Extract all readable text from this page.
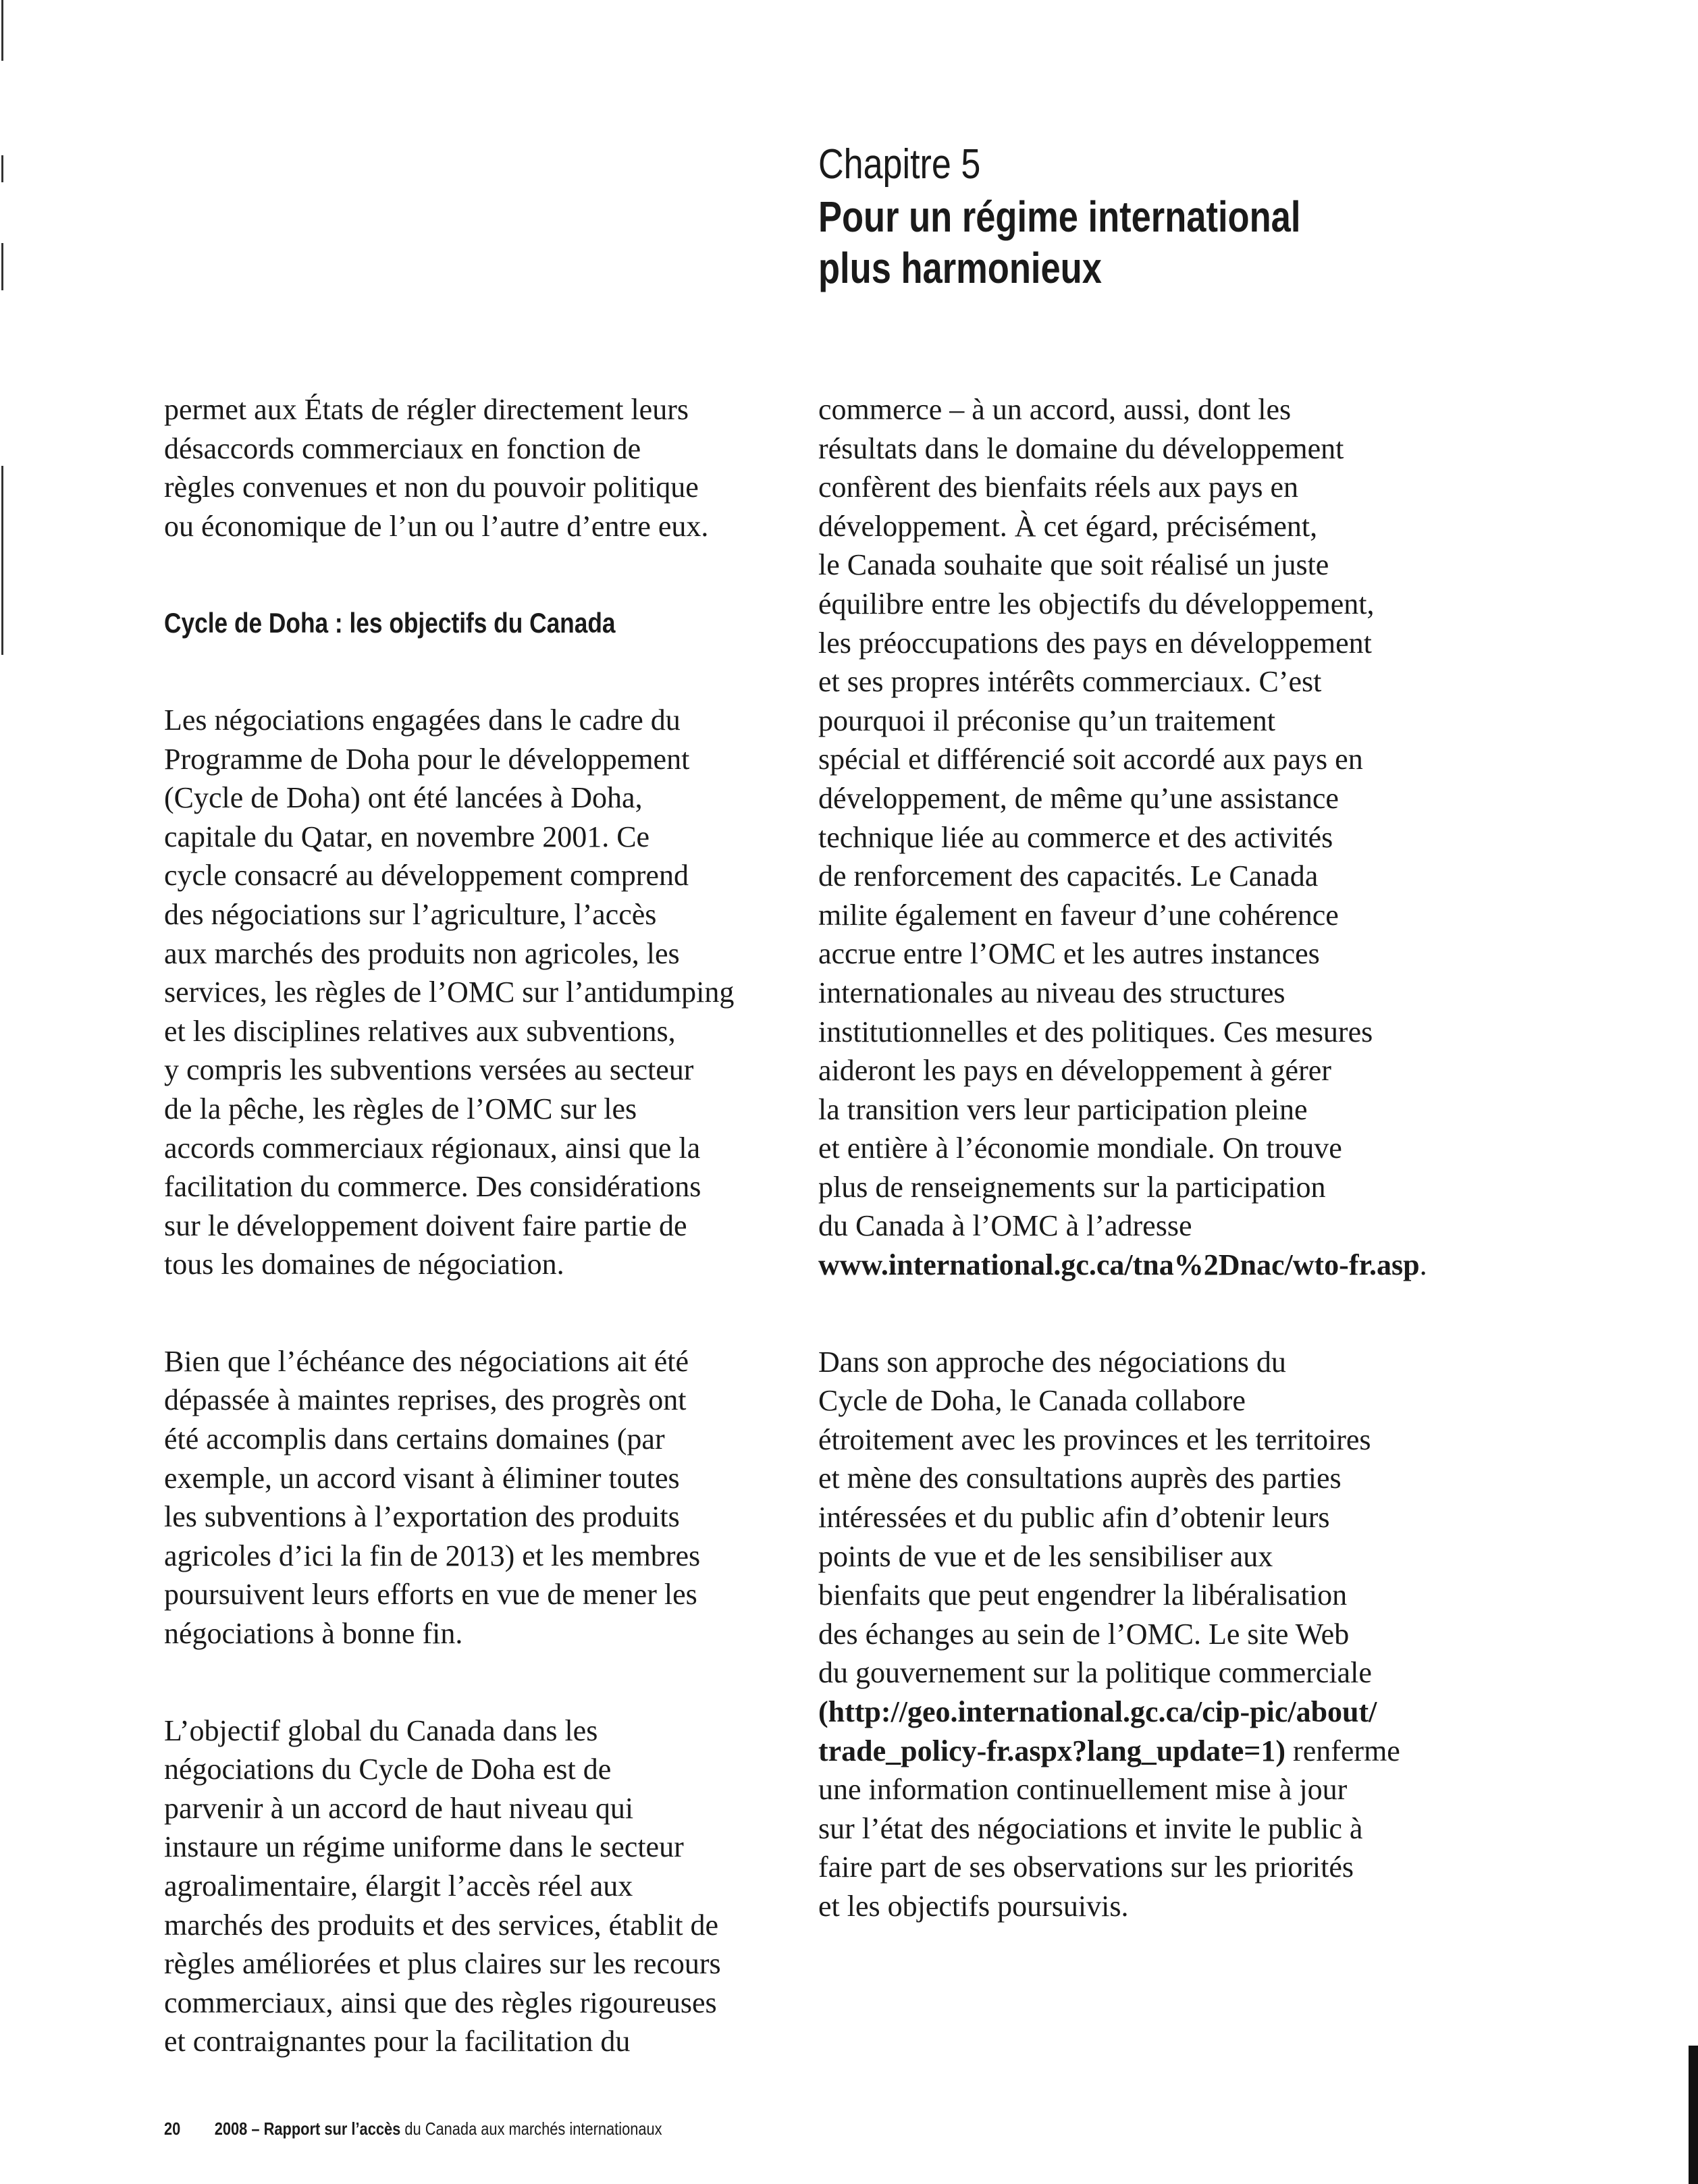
Chapitre 5
Pour un régime international
plus harmonieux

permet aux États de régler directement leurs
désaccords commerciaux en fonction de
règles convenues et non du pouvoir politique
ou économique de l’un ou l’autre d’entre eux.

Cycle de Doha : les objectifs du Canada

Les négociations engagées dans le cadre du
Programme de Doha pour le développement
(Cycle de Doha) ont été lancées à Doha,
capitale du Qatar, en novembre 2001. Ce
cycle consacré au développement comprend
des négociations sur l’agriculture, l’accès
aux marchés des produits non agricoles, les
services, les règles de l’OMC sur l’antidumping
et les disciplines relatives aux subventions,
y compris les subventions versées au secteur
de la pêche, les règles de l’OMC sur les
accords commerciaux régionaux, ainsi que la
facilitation du commerce. Des considérations
sur le développement doivent faire partie de
tous les domaines de négociation.

Bien que l’échéance des négociations ait été
dépassée à maintes reprises, des progrès ont
été accomplis dans certains domaines (par
exemple, un accord visant à éliminer toutes
les subventions à l’exportation des produits
agricoles d’ici la fin de 2013) et les membres
poursuivent leurs efforts en vue de mener les
négociations à bonne fin.

L’objectif global du Canada dans les
négociations du Cycle de Doha est de
parvenir à un accord de haut niveau qui
instaure un régime uniforme dans le secteur
agroalimentaire, élargit l’accès réel aux
marchés des produits et des services, établit de
règles améliorées et plus claires sur les recours
commerciaux, ainsi que des règles rigoureuses
et contraignantes pour la facilitation du

commerce – à un accord, aussi, dont les
résultats dans le domaine du développement
confèrent des bienfaits réels aux pays en
développement. À cet égard, précisément,
le Canada souhaite que soit réalisé un juste
équilibre entre les objectifs du développement,
les préoccupations des pays en développement
et ses propres intérêts commerciaux. C’est
pourquoi il préconise qu’un traitement
spécial et différencié soit accordé aux pays en
développement, de même qu’une assistance
technique liée au commerce et des activités
de renforcement des capacités. Le Canada
milite également en faveur d’une cohérence
accrue entre l’OMC et les autres instances
internationales au niveau des structures
institutionnelles et des politiques. Ces mesures
aideront les pays en développement à gérer
la transition vers leur participation pleine
et entière à l’économie mondiale. On trouve
plus de renseignements sur la participation
du Canada à l’OMC à l’adresse
www.international.gc.ca/tna%2Dnac/wto-fr.asp.

Dans son approche des négociations du
Cycle de Doha, le Canada collabore
étroitement avec les provinces et les territoires
et mène des consultations auprès des parties
intéressées et du public afin d’obtenir leurs
points de vue et de les sensibiliser aux
bienfaits que peut engendrer la libéralisation
des échanges au sein de l’OMC. Le site Web
du gouvernement sur la politique commerciale
(http://geo.international.gc.ca/cip-pic/about/
trade_policy-fr.aspx?lang_update=1) renferme
une information continuellement mise à jour
sur l’état des négociations et invite le public à
faire part de ses observations sur les priorités
et les objectifs poursuivis.

20 2008 – Rapport sur l’accès du Canada aux marchés internationaux
